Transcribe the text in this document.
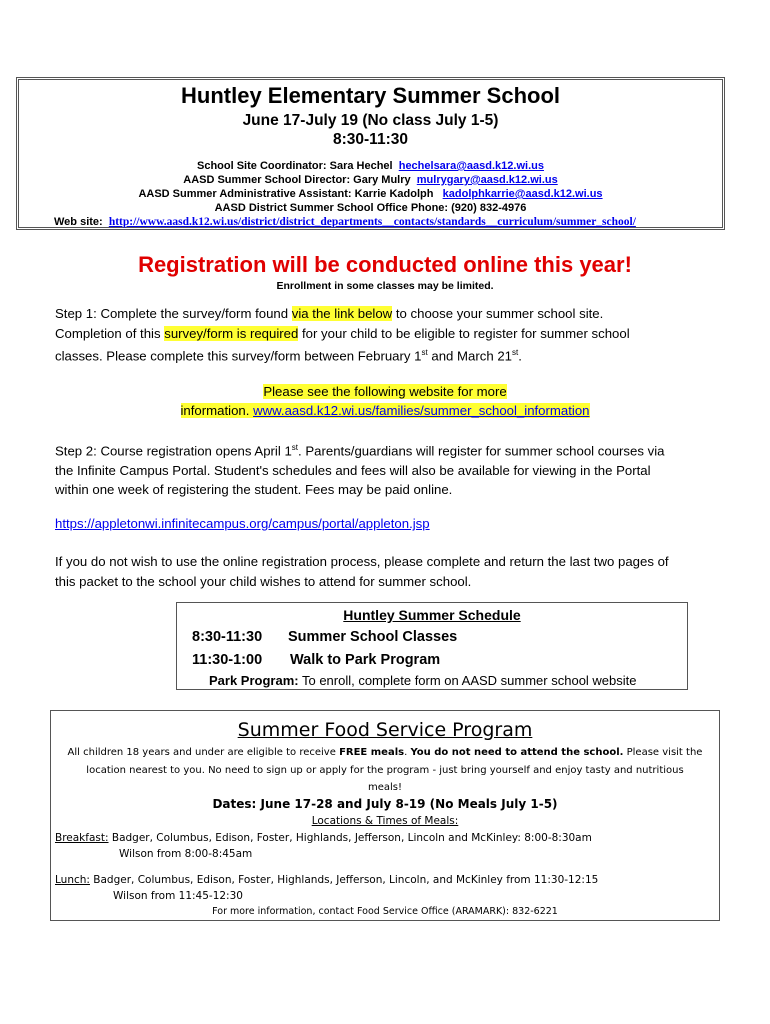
Huntley Elementary Summer School
June 17-July 19 (No class July 1-5)
8:30-11:30
School Site Coordinator: Sara Hechel hechelsara@aasd.k12.wi.us
AASD Summer School Director: Gary Mulry mulrygary@aasd.k12.wi.us
AASD Summer Administrative Assistant: Karrie Kadolph kadolphkarrie@aasd.k12.wi.us
AASD District Summer School Office Phone: (920) 832-4976
Web site: http://www.aasd.k12.wi.us/district/district_departments__contacts/standards__curriculum/summer_school/
Registration will be conducted online this year!
Enrollment in some classes may be limited.
Step 1: Complete the survey/form found via the link below to choose your summer school site.
Completion of this survey/form is required for your child to be eligible to register for summer school
classes. Please complete this survey/form between February 1st and March 21st.
Please see the following website for more
information. www.aasd.k12.wi.us/families/summer_school_information
Step 2: Course registration opens April 1st. Parents/guardians will register for summer school courses via
the Infinite Campus Portal. Student's schedules and fees will also be available for viewing in the Portal
within one week of registering the student. Fees may be paid online.
https://appletonwi.infinitecampus.org/campus/portal/appleton.jsp
If you do not wish to use the online registration process, please complete and return the last two pages of
this packet to the school your child wishes to attend for summer school.
Huntley Summer Schedule
8:30-11:30 Summer School Classes
11:30-1:00 Walk to Park Program
Park Program: To enroll, complete form on AASD summer school website
Summer Food Service Program
All children 18 years and under are eligible to receive FREE meals. You do not need to attend the school. Please visit the
location nearest to you. No need to sign up or apply for the program - just bring yourself and enjoy tasty and nutritious
meals!
Dates: June 17-28 and July 8-19 (No Meals July 1-5)
Locations & Times of Meals:
Breakfast: Badger, Columbus, Edison, Foster, Highlands, Jefferson, Lincoln and McKinley: 8:00-8:30am
Wilson from 8:00-8:45am
Lunch: Badger, Columbus, Edison, Foster, Highlands, Jefferson, Lincoln, and McKinley from 11:30-12:15
Wilson from 11:45-12:30
For more information, contact Food Service Office (ARAMARK): 832-6221
